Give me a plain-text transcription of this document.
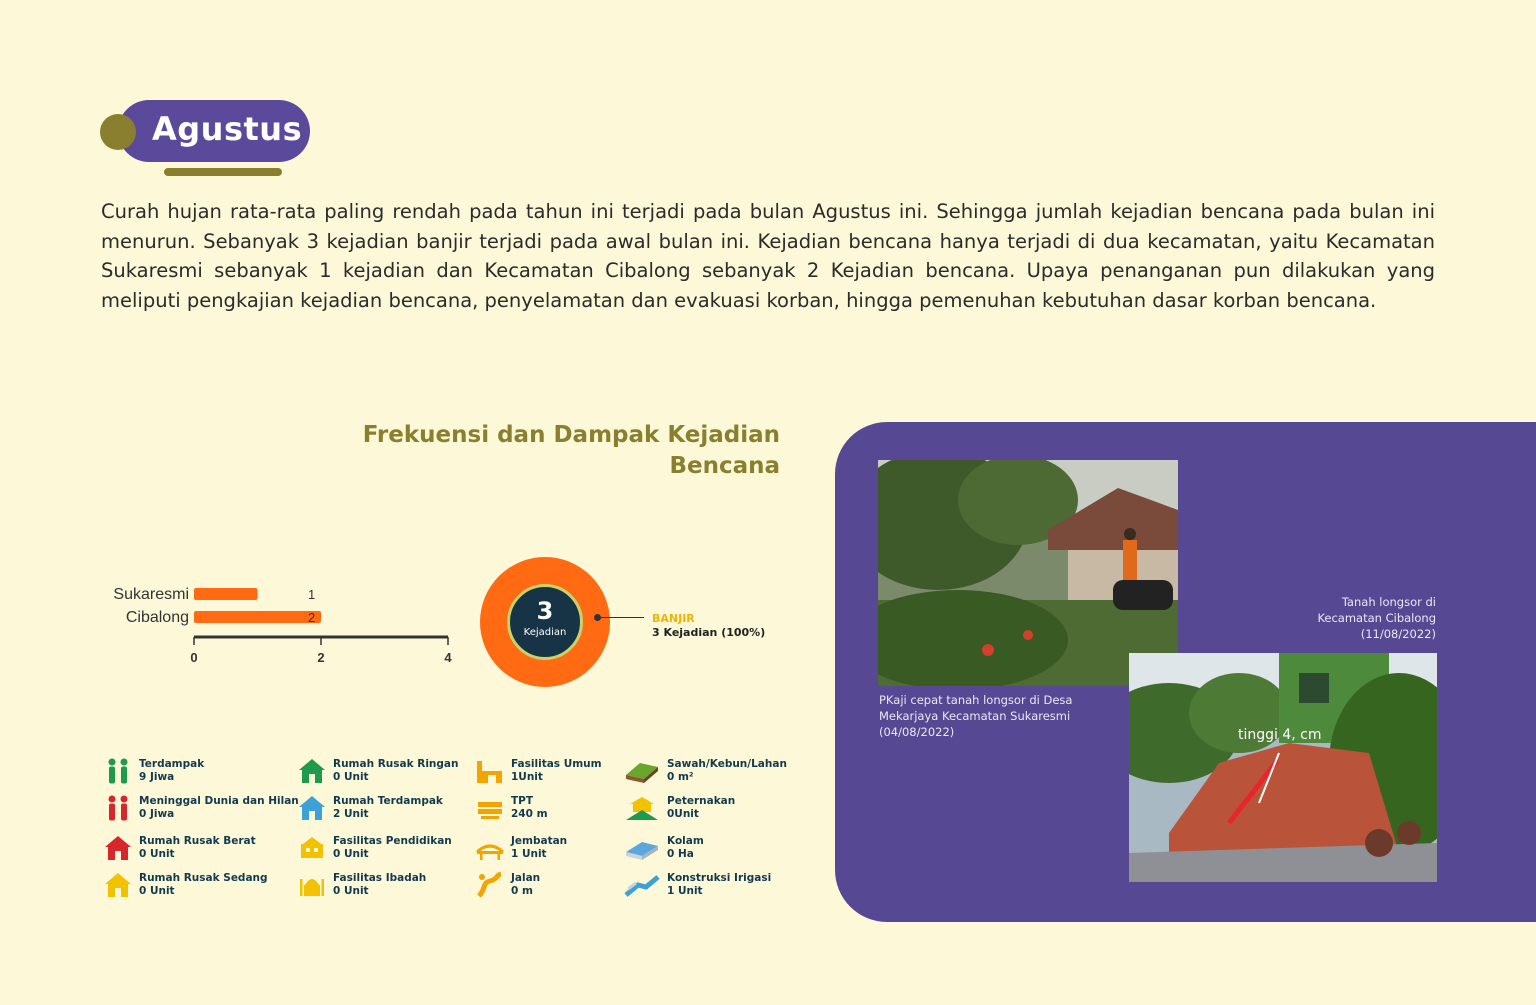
Agustus

Curah hujan rata-rata paling rendah pada tahun ini terjadi pada bulan Agustus ini. Sehingga jumlah kejadian bencana pada bulan ini menurun. Sebanyak 3 kejadian banjir terjadi pada awal bulan ini. Kejadian bencana hanya terjadi di dua kecamatan, yaitu Kecamatan Sukaresmi sebanyak 1 kejadian dan Kecamatan Cibalong sebanyak 2 Kejadian bencana. Upaya penanganan pun dilakukan yang meliputi pengkajian kejadian bencana, penyelamatan dan evakuasi korban, hingga pemenuhan kebutuhan dasar korban bencana.

Frekuensi dan Dampak Kejadian
Bencana
Sukaresmi	1
Cibalong	2
0	2	4
3
Kejadian
BANJIR
3 Kejadian (100%)
Terdampak
9 Jiwa
Meninggal Dunia dan Hilan
0 Jiwa
Rumah Rusak Berat
0 Unit
Rumah Rusak Sedang
0 Unit
Rumah Rusak Ringan
0 Unit
Rumah Terdampak
2 Unit
Fasilitas Pendidikan
0 Unit
Fasilitas Ibadah
0 Unit
Fasilitas Umum
1Unit
TPT
240 m
Jembatan
1 Unit
Jalan
0 m
Sawah/Kebun/Lahan
0 m²
Peternakan
0Unit
Kolam
0 Ha
Konstruksi Irigasi
1 Unit
tinggi 4, cm
PKaji cepat tanah longsor di Desa Mekarjaya Kecamatan Sukaresmi (04/08/2022)
Tanah longsor di Kecamatan Cibalong (11/08/2022)
